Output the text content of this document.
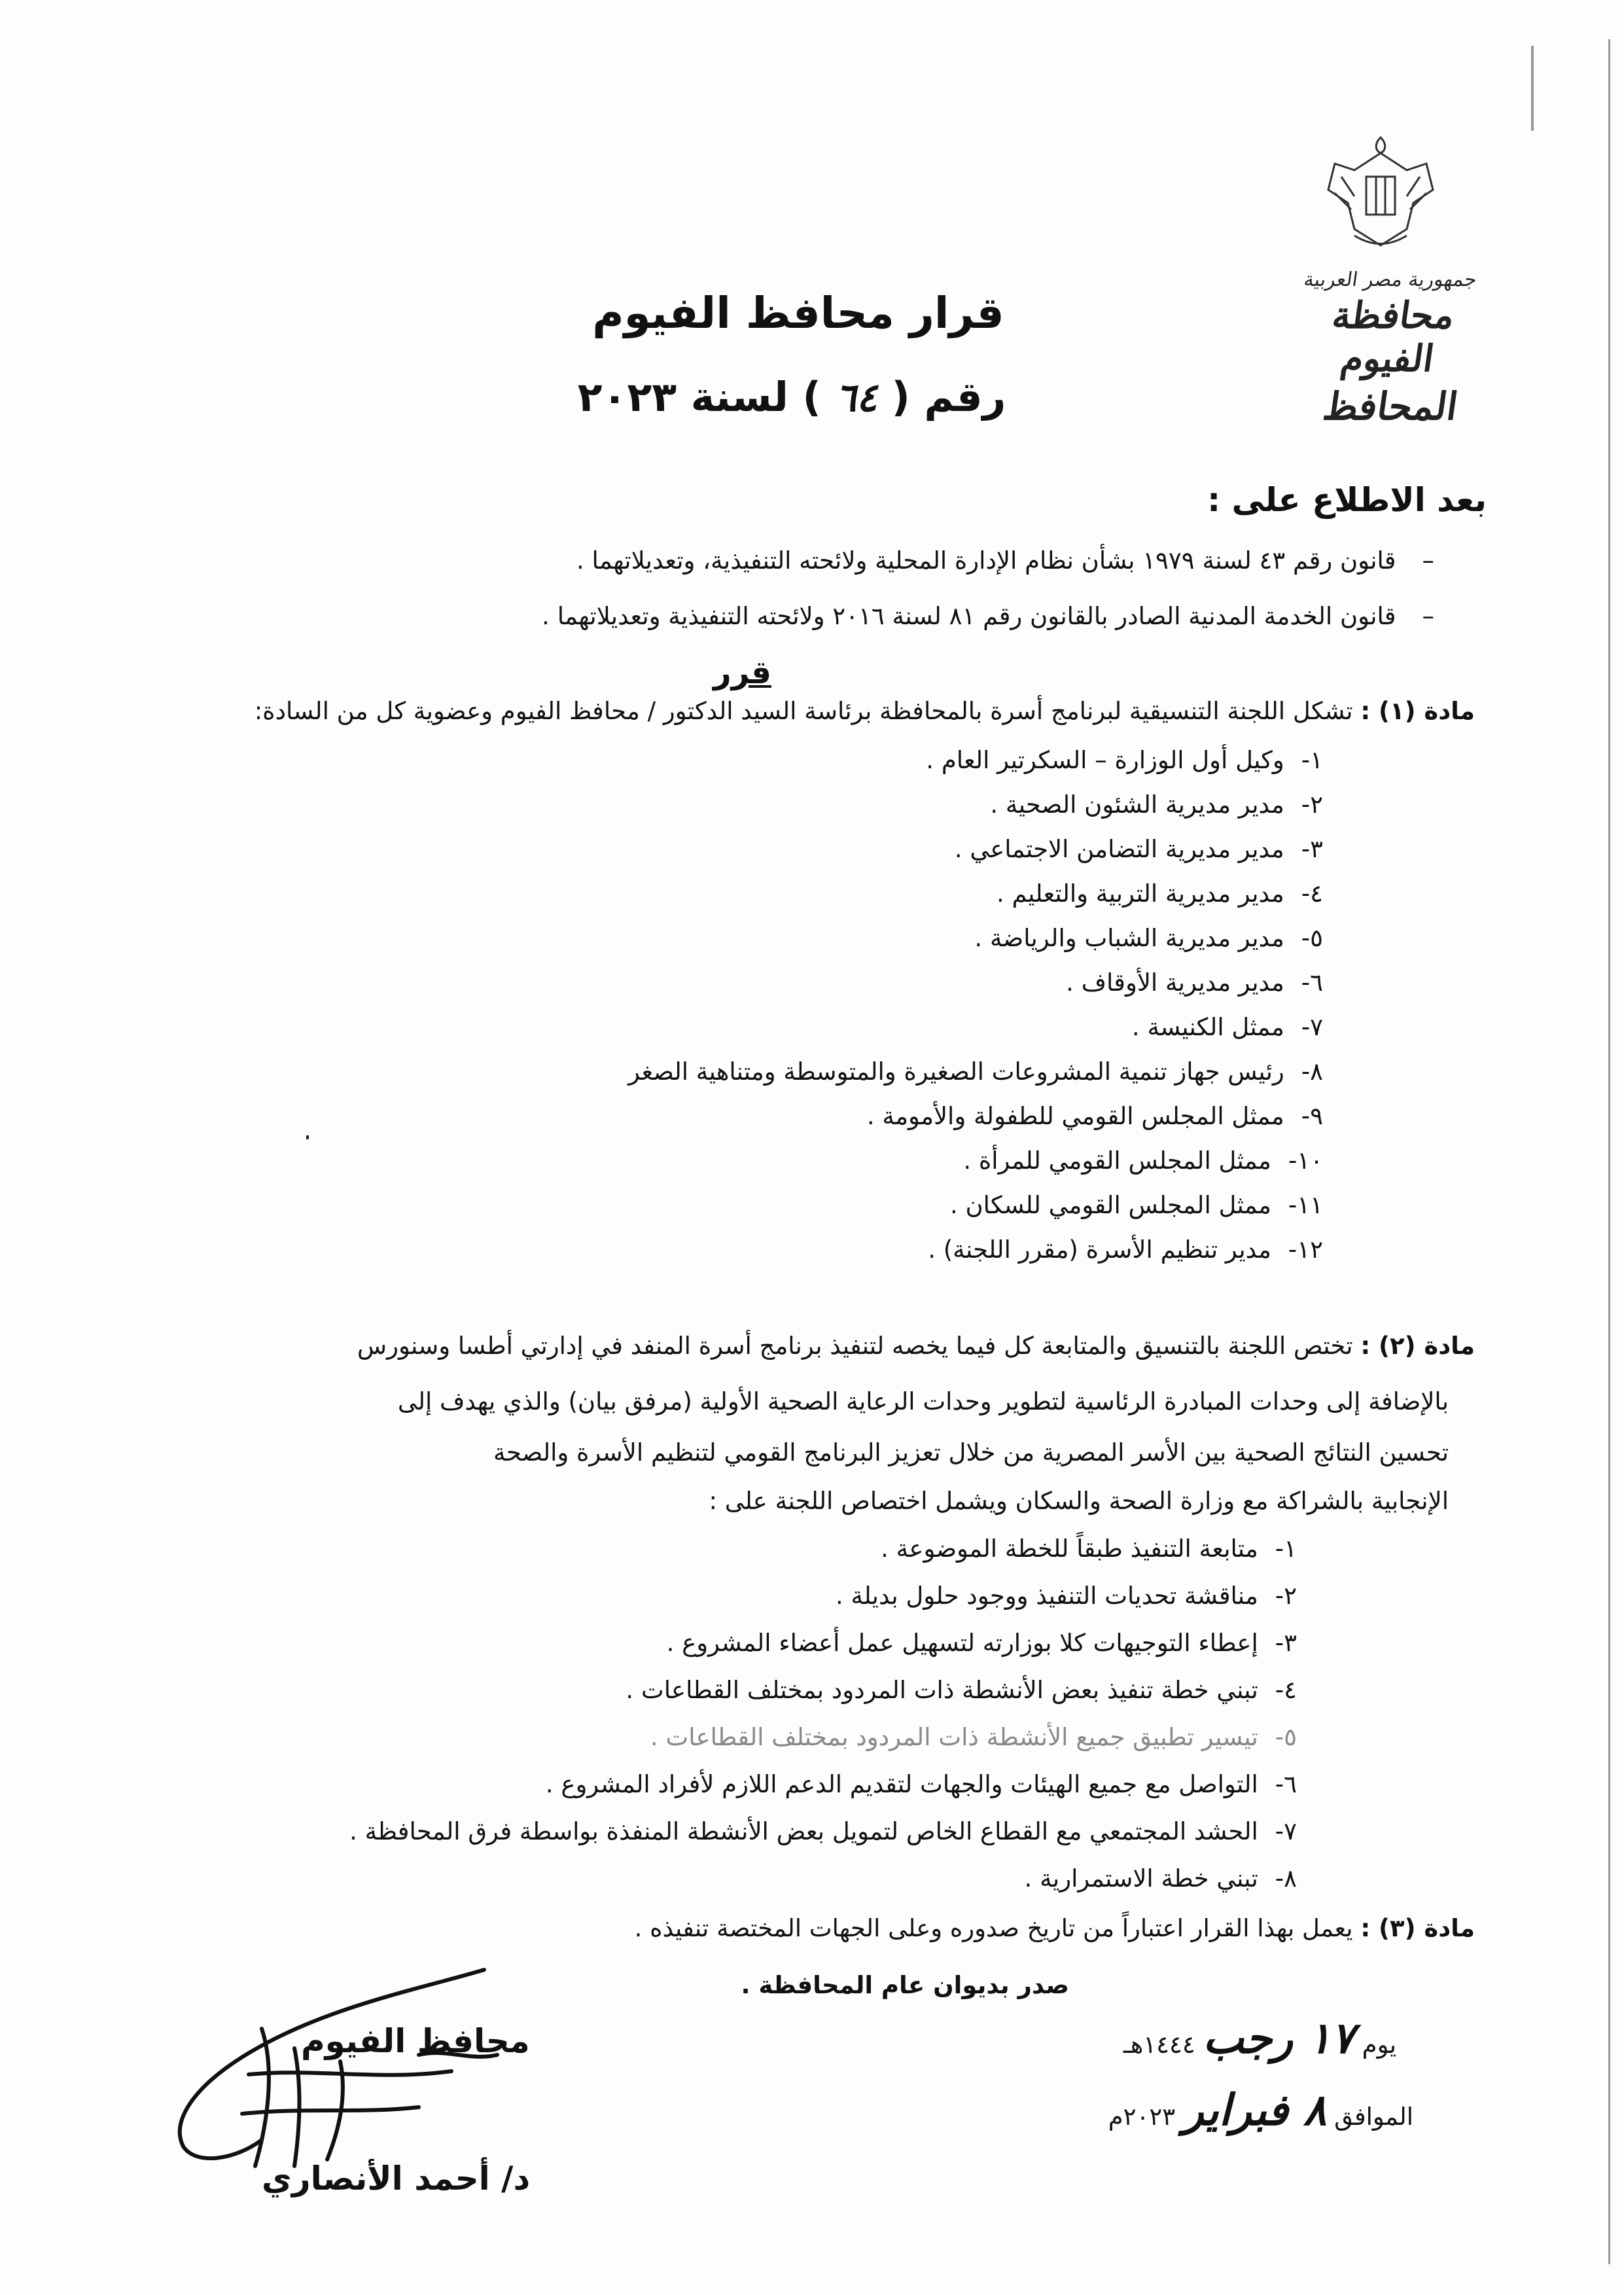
جمهورية مصر العربية
محافظة الفيوم
المحافظ
قرار محافظ الفيوم
رقم ( ٦٤ ) لسنة ٢٠٢٣
بعد الاطلاع على :
–قانون رقم ٤٣ لسنة ١٩٧٩ بشأن نظام الإدارة المحلية ولائحته التنفيذية، وتعديلاتهما .
–قانون الخدمة المدنية الصادر بالقانون رقم ٨١ لسنة ٢٠١٦ ولائحته التنفيذية وتعديلاتهما .
قرر
مادة (١) : تشكل اللجنة التنسيقية لبرنامج أسرة بالمحافظة برئاسة السيد الدكتور / محافظ الفيوم وعضوية كل من السادة:
١-وكيل أول الوزارة – السكرتير العام .
٢-مدير مديرية الشئون الصحية .
٣-مدير مديرية التضامن الاجتماعي .
٤-مدير مديرية التربية والتعليم .
٥-مدير مديرية الشباب والرياضة .
٦-مدير مديرية الأوقاف .
٧-ممثل الكنيسة .
٨-رئيس جهاز تنمية المشروعات الصغيرة والمتوسطة ومتناهية الصغر
٩-ممثل المجلس القومي للطفولة والأمومة .
١٠-ممثل المجلس القومي للمرأة .
١١-ممثل المجلس القومي للسكان .
١٢-مدير تنظيم الأسرة (مقرر اللجنة) .
مادة (٢) : تختص اللجنة بالتنسيق والمتابعة كل فيما يخصه لتنفيذ برنامج أسرة المنفد في إدارتي أطسا وسنورس
بالإضافة إلى وحدات المبادرة الرئاسية لتطوير وحدات الرعاية الصحية الأولية (مرفق بيان) والذي يهدف إلى
تحسين النتائج الصحية بين الأسر المصرية من خلال تعزيز البرنامج القومي لتنظيم الأسرة والصحة
الإنجابية بالشراكة مع وزارة الصحة والسكان ويشمل اختصاص اللجنة على :
١-متابعة التنفيذ طبقاً للخطة الموضوعة .
٢-مناقشة تحديات التنفيذ ووجود حلول بديلة .
٣-إعطاء التوجيهات كلا بوزارته لتسهيل عمل أعضاء المشروع .
٤-تبني خطة تنفيذ بعض الأنشطة ذات المردود بمختلف القطاعات .
٥-تيسير تطبيق جميع الأنشطة ذات المردود بمختلف القطاعات .
٦-التواصل مع جميع الهيئات والجهات لتقديم الدعم اللازم لأفراد المشروع .
٧-الحشد المجتمعي مع القطاع الخاص لتمويل بعض الأنشطة المنفذة بواسطة فرق المحافظة .
٨-تبني خطة الاستمرارية .
مادة (٣) : يعمل بهذا القرار اعتباراً من تاريخ صدوره وعلى الجهات المختصة تنفيذه .
صدر بديوان عام المحافظة .
يوم ١٧ رجب ١٤٤٤هـ
الموافق ٨ فبراير ٢٠٢٣م
محافظ الفيوم
د/ أحمد الأنصاري
